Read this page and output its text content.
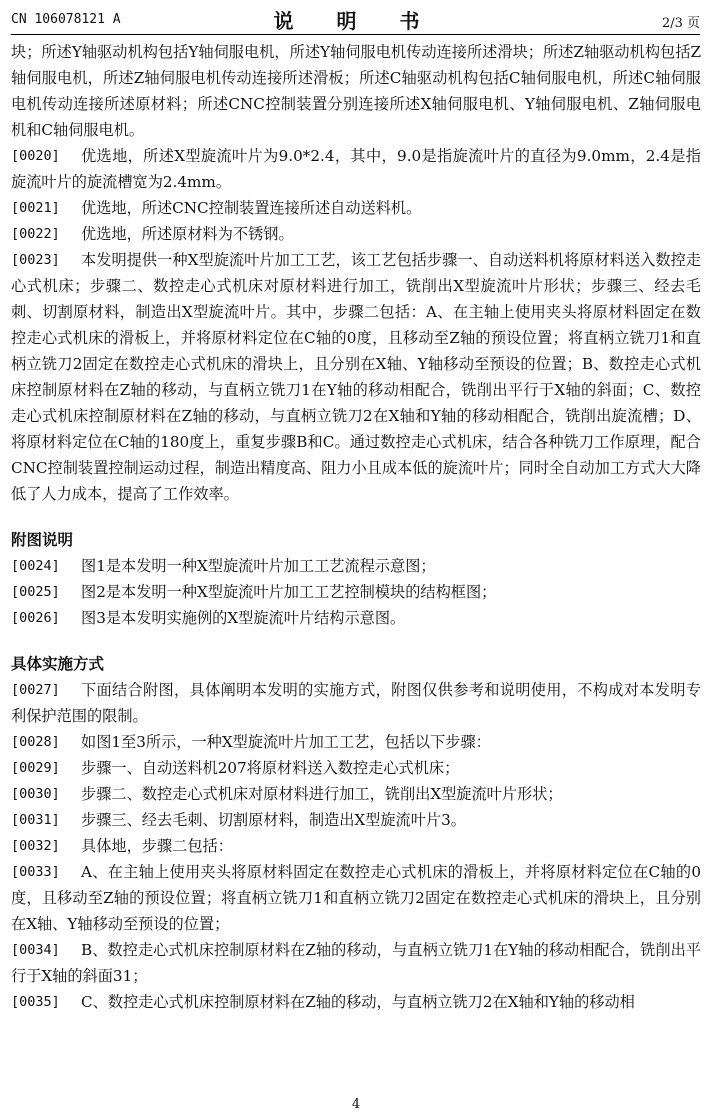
CN 106078121 A	说 明 书	2/3 页

块；所述Y轴驱动机构包括Y轴伺服电机，所述Y轴伺服电机传动连接所述滑块；所述Z轴驱动机构包括Z轴伺服电机，所述Z轴伺服电机传动连接所述滑板；所述C轴驱动机构包括C轴伺服电机，所述C轴伺服电机传动连接所述原材料；所述CNC控制装置分别连接所述X轴伺服电机、Y轴伺服电机、Z轴伺服电机和C轴伺服电机。

[0020] 优选地，所述X型旋流叶片为9.0*2.4，其中，9.0是指旋流叶片的直径为9.0mm，2.4是指旋流叶片的旋流槽宽为2.4mm。

[0021] 优选地，所述CNC控制装置连接所述自动送料机。

[0022] 优选地，所述原材料为不锈钢。

[0023] 本发明提供一种X型旋流叶片加工工艺，该工艺包括步骤一、自动送料机将原材料送入数控走心式机床；步骤二、数控走心式机床对原材料进行加工，铣削出X型旋流叶片形状；步骤三、经去毛刺、切割原材料，制造出X型旋流叶片。其中，步骤二包括：A、在主轴上使用夹头将原材料固定在数控走心式机床的滑板上，并将原材料定位在C轴的0度，且移动至Z轴的预设位置；将直柄立铣刀1和直柄立铣刀2固定在数控走心式机床的滑块上，且分别在X轴、Y轴移动至预设的位置；B、数控走心式机床控制原材料在Z轴的移动，与直柄立铣刀1在Y轴的移动相配合，铣削出平行于X轴的斜面；C、数控走心式机床控制原材料在Z轴的移动，与直柄立铣刀2在X轴和Y轴的移动相配合，铣削出旋流槽；D、将原材料定位在C轴的180度上，重复步骤B和C。通过数控走心式机床，结合各种铣刀工作原理，配合CNC控制装置控制运动过程，制造出精度高、阻力小且成本低的旋流叶片；同时全自动加工方式大大降低了人力成本，提高了工作效率。

附图说明

[0024] 图1是本发明一种X型旋流叶片加工工艺流程示意图；

[0025] 图2是本发明一种X型旋流叶片加工工艺控制模块的结构框图；

[0026] 图3是本发明实施例的X型旋流叶片结构示意图。

具体实施方式

[0027] 下面结合附图，具体阐明本发明的实施方式，附图仅供参考和说明使用，不构成对本发明专利保护范围的限制。

[0028] 如图1至3所示，一种X型旋流叶片加工工艺，包括以下步骤：

[0029] 步骤一、自动送料机207将原材料送入数控走心式机床；

[0030] 步骤二、数控走心式机床对原材料进行加工，铣削出X型旋流叶片形状；

[0031] 步骤三、经去毛刺、切割原材料，制造出X型旋流叶片3。

[0032] 具体地，步骤二包括：

[0033] A、在主轴上使用夹头将原材料固定在数控走心式机床的滑板上，并将原材料定位在C轴的0度，且移动至Z轴的预设位置；将直柄立铣刀1和直柄立铣刀2固定在数控走心式机床的滑块上，且分别在X轴、Y轴移动至预设的位置；

[0034] B、数控走心式机床控制原材料在Z轴的移动，与直柄立铣刀1在Y轴的移动相配合，铣削出平行于X轴的斜面31；

[0035] C、数控走心式机床控制原材料在Z轴的移动，与直柄立铣刀2在X轴和Y轴的移动相

4
